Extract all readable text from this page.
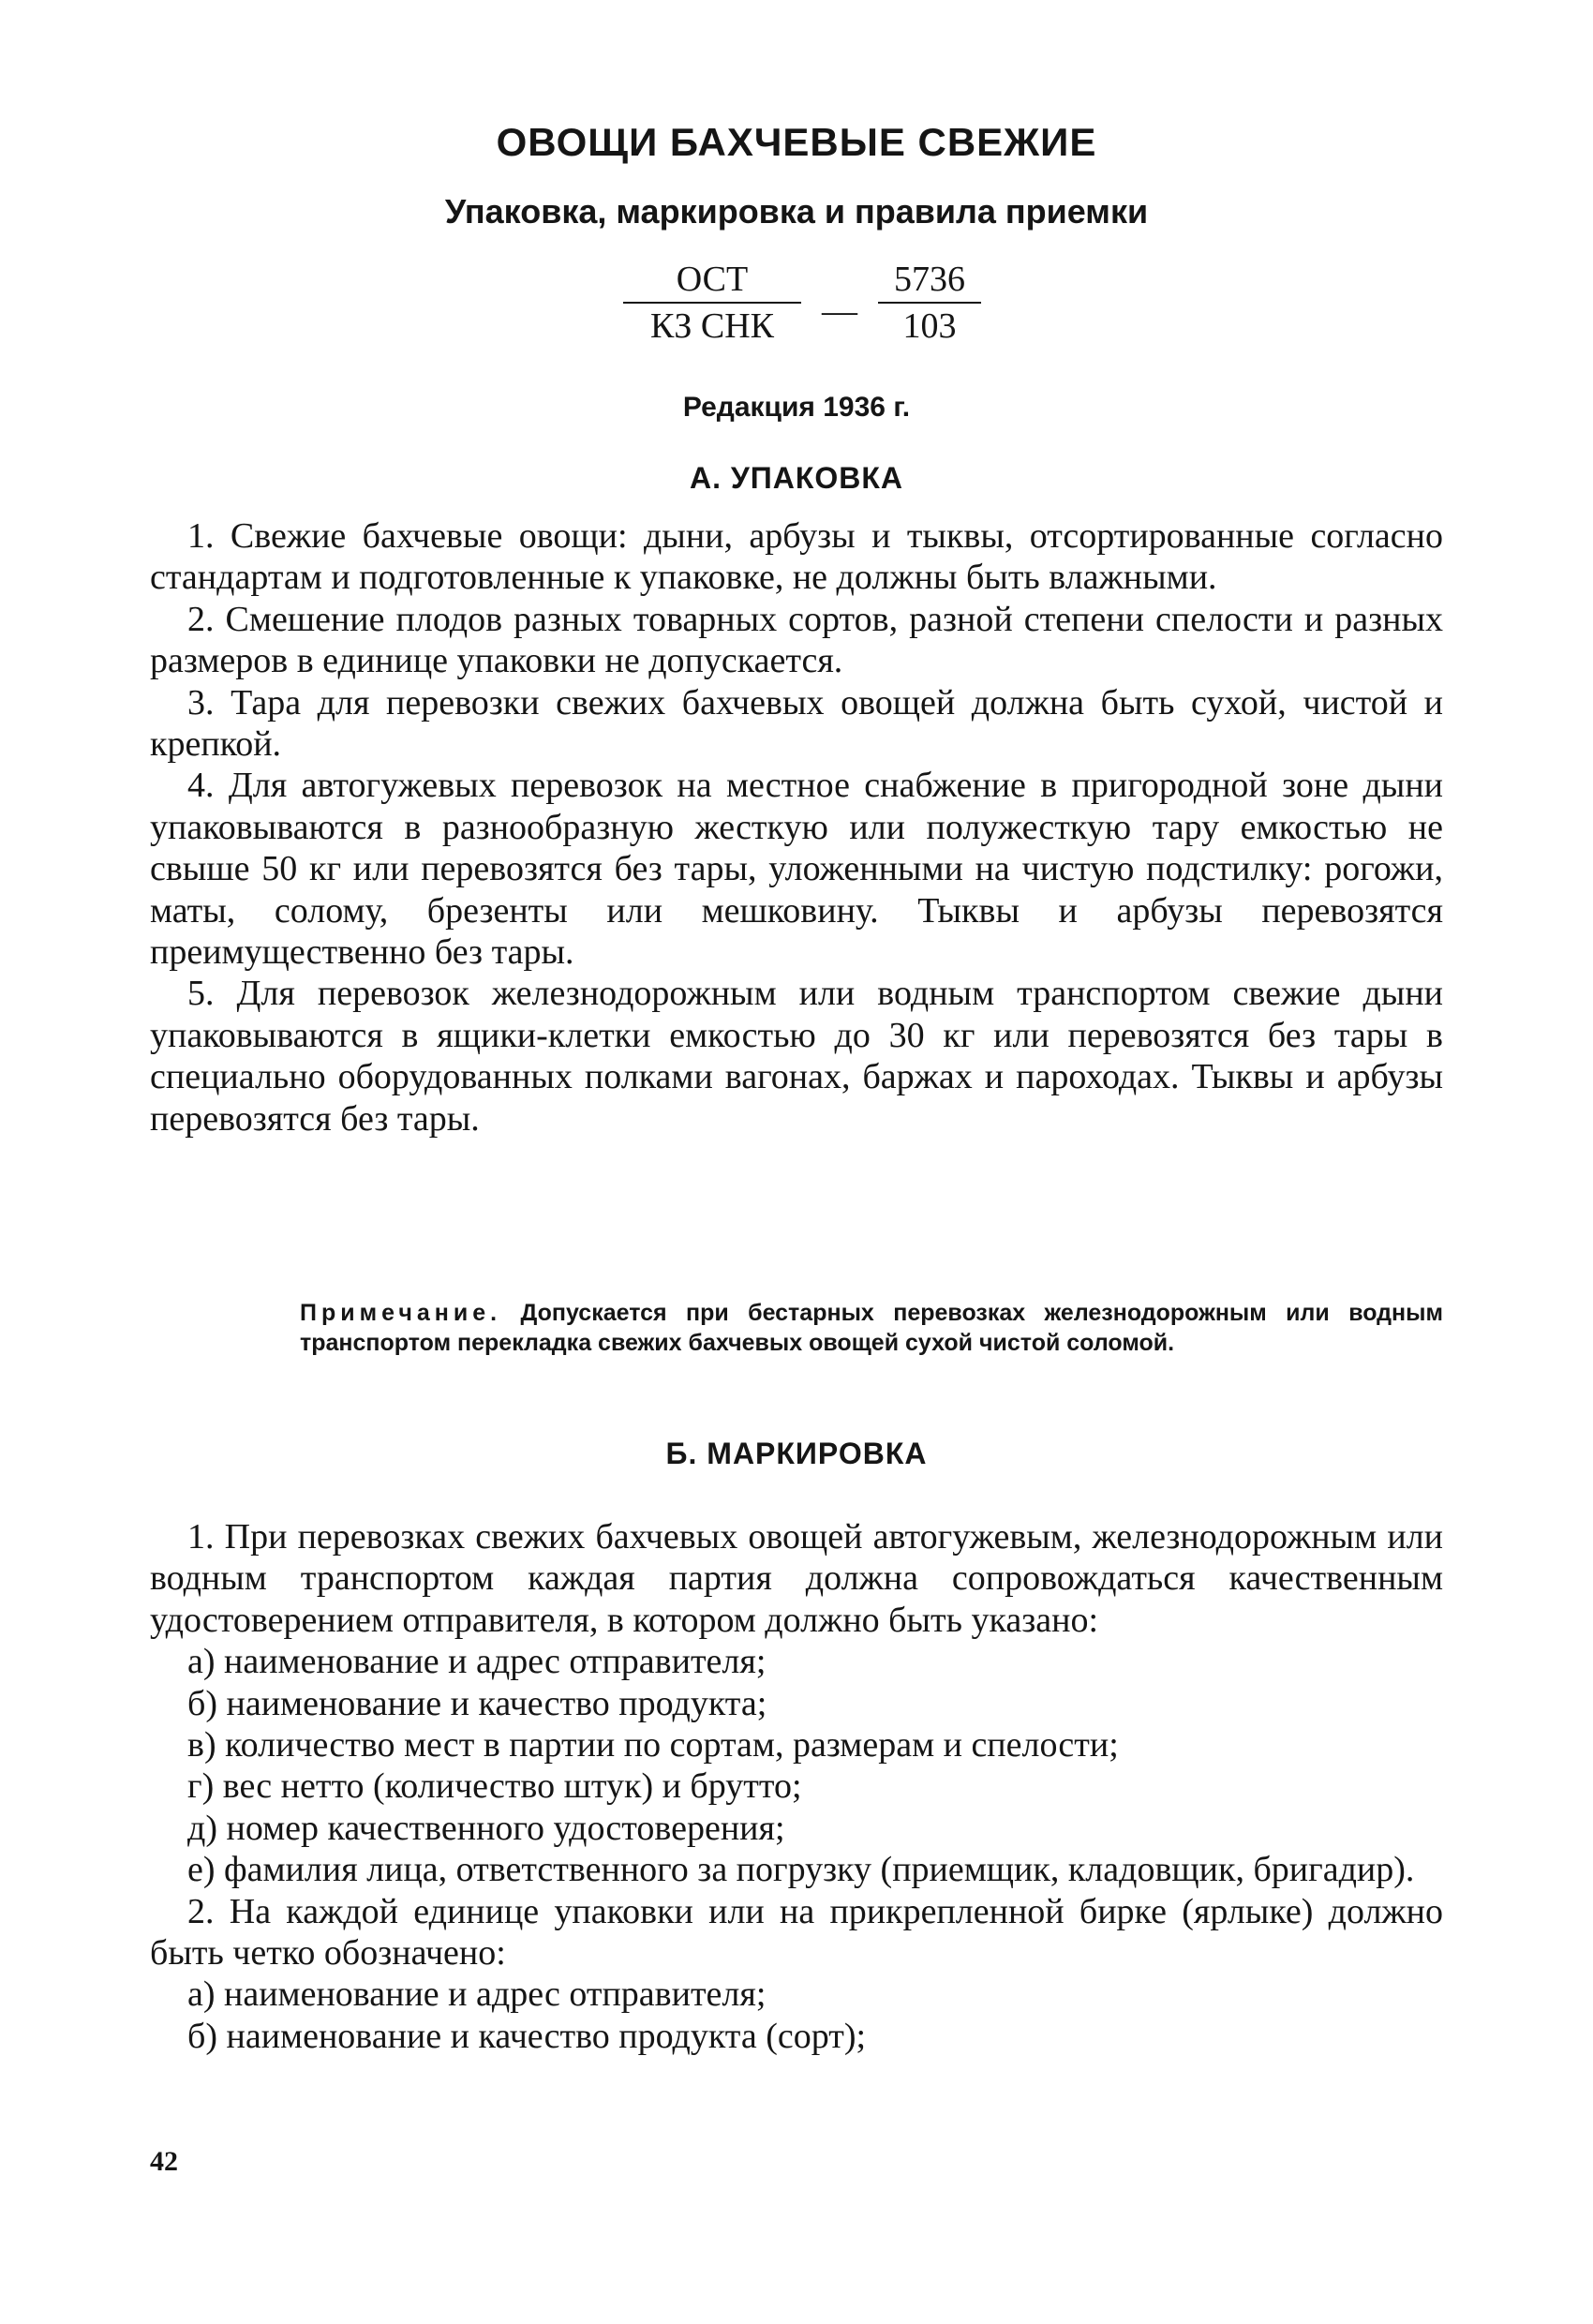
ОВОЩИ БАХЧЕВЫЕ СВЕЖИЕ
Упаковка, маркировка и правила приемки
ОСТ
КЗ СНК	— $\frac{5736}{103}$
Редакция 1936 г.
А. УПАКОВКА

1. Свежие бахчевые овощи: дыни, арбузы и тыквы, отсортированные согласно стандартам и подготовленные к упаковке, не должны быть влажными.

2. Смешение плодов разных товарных сортов, разной степени спелости и разных размеров в единице упаковки не допускается.

3. Тара для перевозки свежих бахчевых овощей должна быть сухой, чистой и крепкой.

4. Для автогужевых перевозок на местное снабжение в пригородной зоне дыни упаковываются в разнообразную жесткую или полужесткую тару емкостью не свыше 50 кг или перевозятся без тары, уложенными на чистую подстилку: рогожи, маты, солому, брезенты или мешковину. Тыквы и арбузы перевозятся преимущественно без тары.

5. Для перевозок железнодорожным или водным транспортом свежие дыни упаковываются в ящики-клетки емкостью до 30 кг или перевозятся без тары в специально оборудованных полками вагонах, баржах и пароходах. Тыквы и арбузы перевозятся без тары.

Примечание. Допускается при бестарных перевозках железнодорожным или водным транспортом перекладка свежих бахчевых овощей сухой чистой соломой.
Б. МАРКИРОВКА

1. При перевозках свежих бахчевых овощей автогужевым, железнодорожным или водным транспортом каждая партия должна сопровождаться качественным удостоверением отправителя, в котором должно быть указано:

а) наименование и адрес отправителя;

б) наименование и качество продукта;

в) количество мест в партии по сортам, размерам и спелости;

г) вес нетто (количество штук) и брутто;

д) номер качественного удостоверения;

е) фамилия лица, ответственного за погрузку (приемщик, кладовщик, бригадир).

2. На каждой единице упаковки или на прикрепленной бирке (ярлыке) должно быть четко обозначено:

а) наименование и адрес отправителя;

б) наименование и качество продукта (сорт);

42
